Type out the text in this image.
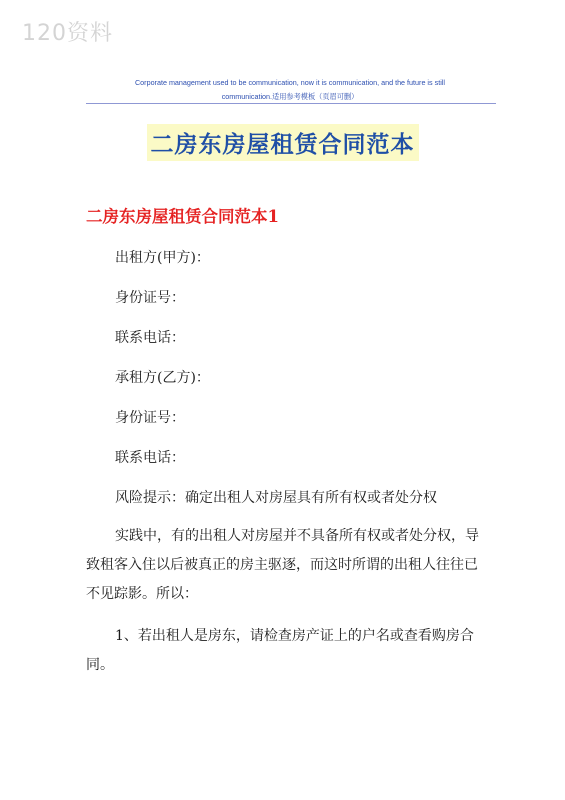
120资料
Corporate management used to be communication, now it is communication, and the future is still
communication.适用参考模板（页眉可删）
二房东房屋租赁合同范本
二房东房屋租赁合同范本1
出租方(甲方)：
身份证号：
联系电话：
承租方(乙方)：
身份证号：
联系电话：
风险提示：确定出租人对房屋具有所有权或者处分权

实践中，有的出租人对房屋并不具备所有权或者处分权，导致租客入住以后被真正的房主驱逐，而这时所谓的出租人往往已不见踪影。所以：

1、若出租人是房东，请检查房产证上的户名或查看购房合同。
